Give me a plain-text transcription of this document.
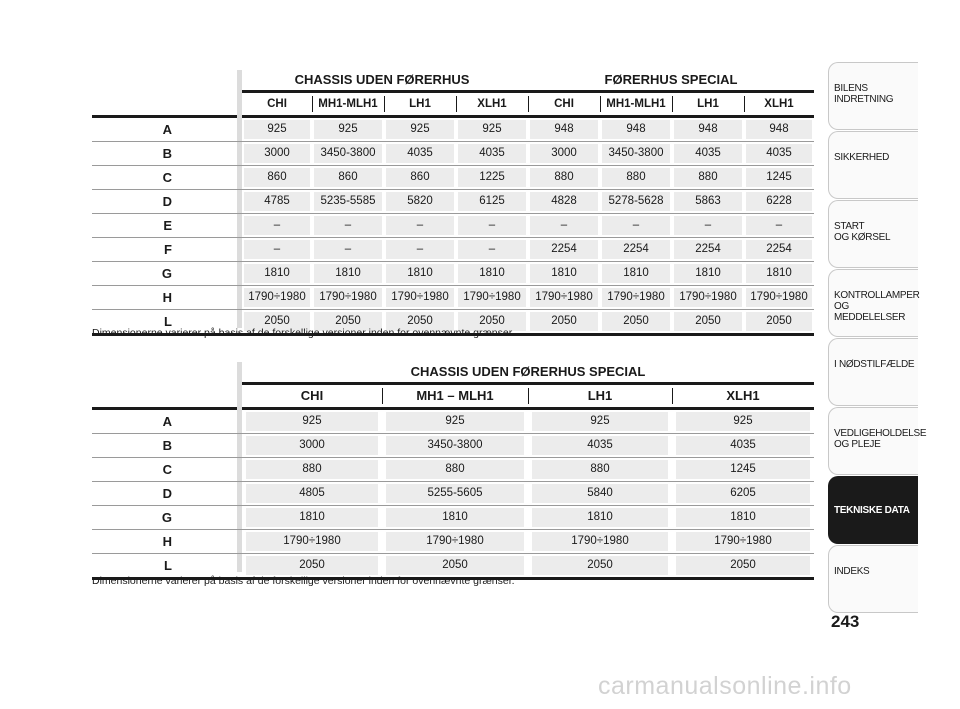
CHASSIS UDEN FØRERHUS	FØRERHUS SPECIAL
CHI	MH1-MLH1	LH1	XLH1	CHI	MH1-MLH1	LH1	XLH1
A	925	925	925	925	948	948	948	948
B	3000	3450-3800	4035	4035	3000	3450-3800	4035	4035
C	860	860	860	1225	880	880	880	1245
D	4785	5235-5585	5820	6125	4828	5278-5628	5863	6228
E	–	–	–	–	–	–	–	–
F	–	–	–	–	2254	2254	2254	2254
G	1810	1810	1810	1810	1810	1810	1810	1810
H	1790÷1980	1790÷1980	1790÷1980	1790÷1980	1790÷1980	1790÷1980	1790÷1980	1790÷1980
L	2050	2050	2050	2050	2050	2050	2050	2050
Dimensionerne varierer på basis af de forskellige versioner inden for ovennævnte grænser.
CHASSIS UDEN FØRERHUS SPECIAL
CHI	MH1 – MLH1	LH1	XLH1
A	925	925	925	925
B	3000	3450-3800	4035	4035
C	880	880	880	1245
D	4805	5255-5605	5840	6205
G	1810	1810	1810	1810
H	1790÷1980	1790÷1980	1790÷1980	1790÷1980
L	2050	2050	2050	2050
Dimensionerne varierer på basis af de forskellige versioner inden for ovennævnte grænser.
BILENS
INDRETNING
SIKKERHED
START
OG KØRSEL
KONTROLLAMPER
OG MEDDELELSER
I NØDSTILFÆLDE
VEDLIGEHOLDELSE
OG PLEJE
TEKNISKE DATA
INDEKS
243
carmanualsonline.info
